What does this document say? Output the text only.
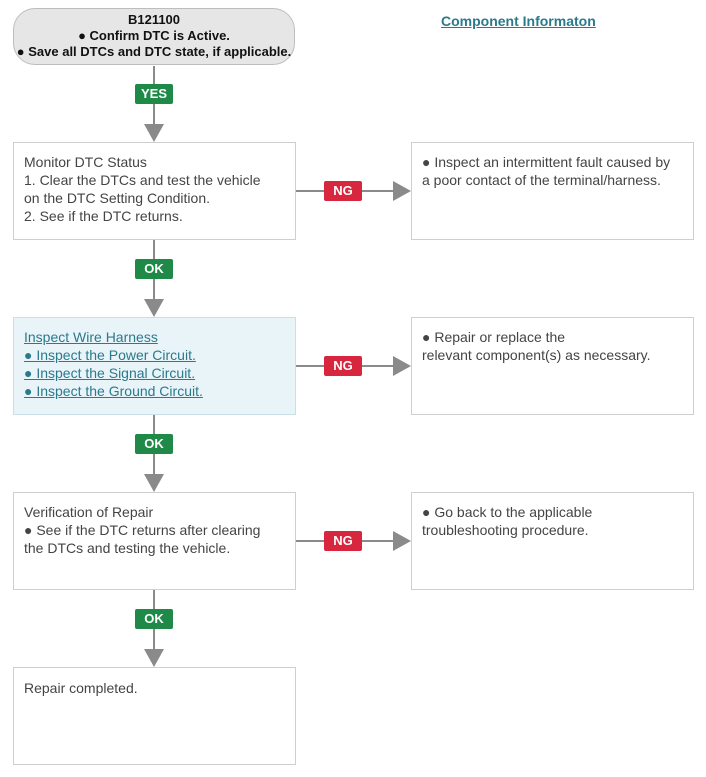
B121100
● Confirm DTC is Active.
● Save all DTCs and DTC state, if applicable.
Component Informaton
YES
OK
OK
OK
NG
NG
NG
Monitor DTC Status
1. Clear the DTCs and test the vehicle
on the DTC Setting Condition.
2. See if the DTC returns.
● Inspect an intermittent fault caused by
a poor contact of the terminal/harness.
Inspect Wire Harness
● Inspect the Power Circuit.
● Inspect the Signal Circuit.
● Inspect the Ground Circuit.
● Repair or replace the
relevant component(s) as necessary.
Verification of Repair
● See if the DTC returns after clearing
the DTCs and testing the vehicle.
● Go back to the applicable
troubleshooting procedure.
Repair completed.
